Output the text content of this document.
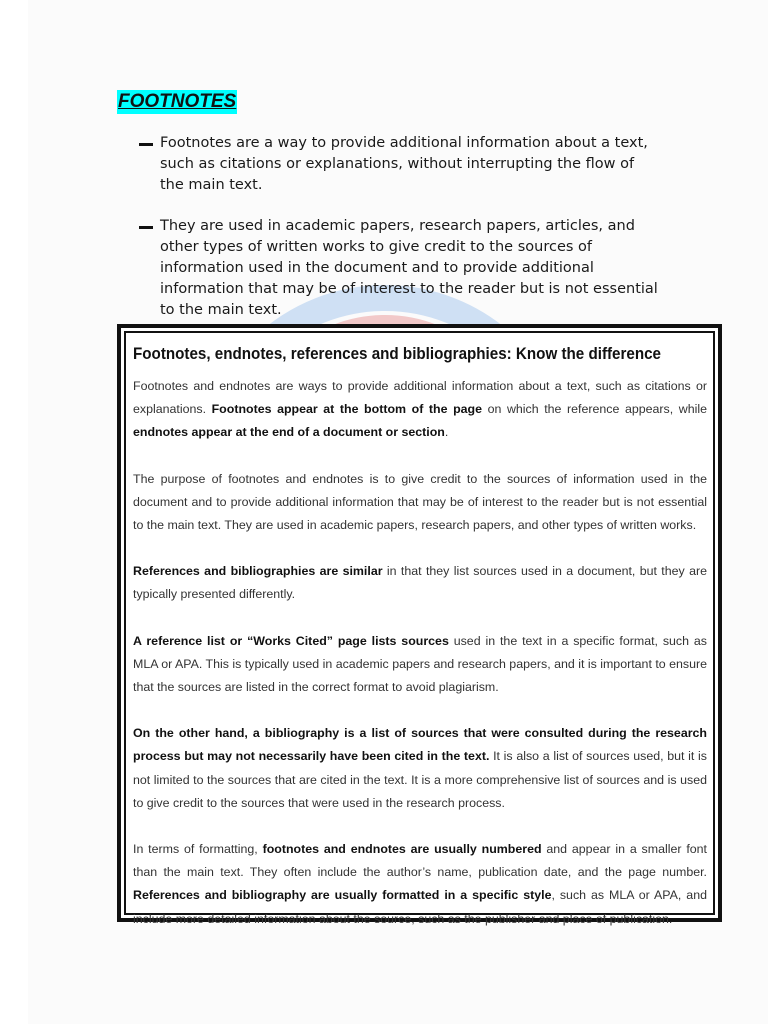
FOOTNOTES
Footnotes are a way to provide additional information about a text, such as citations or explanations, without interrupting the flow of the main text.
They are used in academic papers, research papers, articles, and other types of written works to give credit to the sources of information used in the document and to provide additional information that may be of interest to the reader but is not essential to the main text.
Footnotes, endnotes, references and bibliographies: Know the difference

Footnotes and endnotes are ways to provide additional information about a text, such as citations or explanations. Footnotes appear at the bottom of the page on which the reference appears, while endnotes appear at the end of a document or section.

The purpose of footnotes and endnotes is to give credit to the sources of information used in the document and to provide additional information that may be of interest to the reader but is not essential to the main text. They are used in academic papers, research papers, and other types of written works.

References and bibliographies are similar in that they list sources used in a document, but they are typically presented differently.

A reference list or “Works Cited” page lists sources used in the text in a specific format, such as MLA or APA. This is typically used in academic papers and research papers, and it is important to ensure that the sources are listed in the correct format to avoid plagiarism.

On the other hand, a bibliography is a list of sources that were consulted during the research process but may not necessarily have been cited in the text. It is also a list of sources used, but it is not limited to the sources that are cited in the text. It is a more comprehensive list of sources and is used to give credit to the sources that were used in the research process.

In terms of formatting, footnotes and endnotes are usually numbered and appear in a smaller font than the main text. They often include the author’s name, publication date, and the page number. References and bibliography are usually formatted in a specific style, such as MLA or APA, and include more detailed information about the source, such as the publisher and place of publication.
